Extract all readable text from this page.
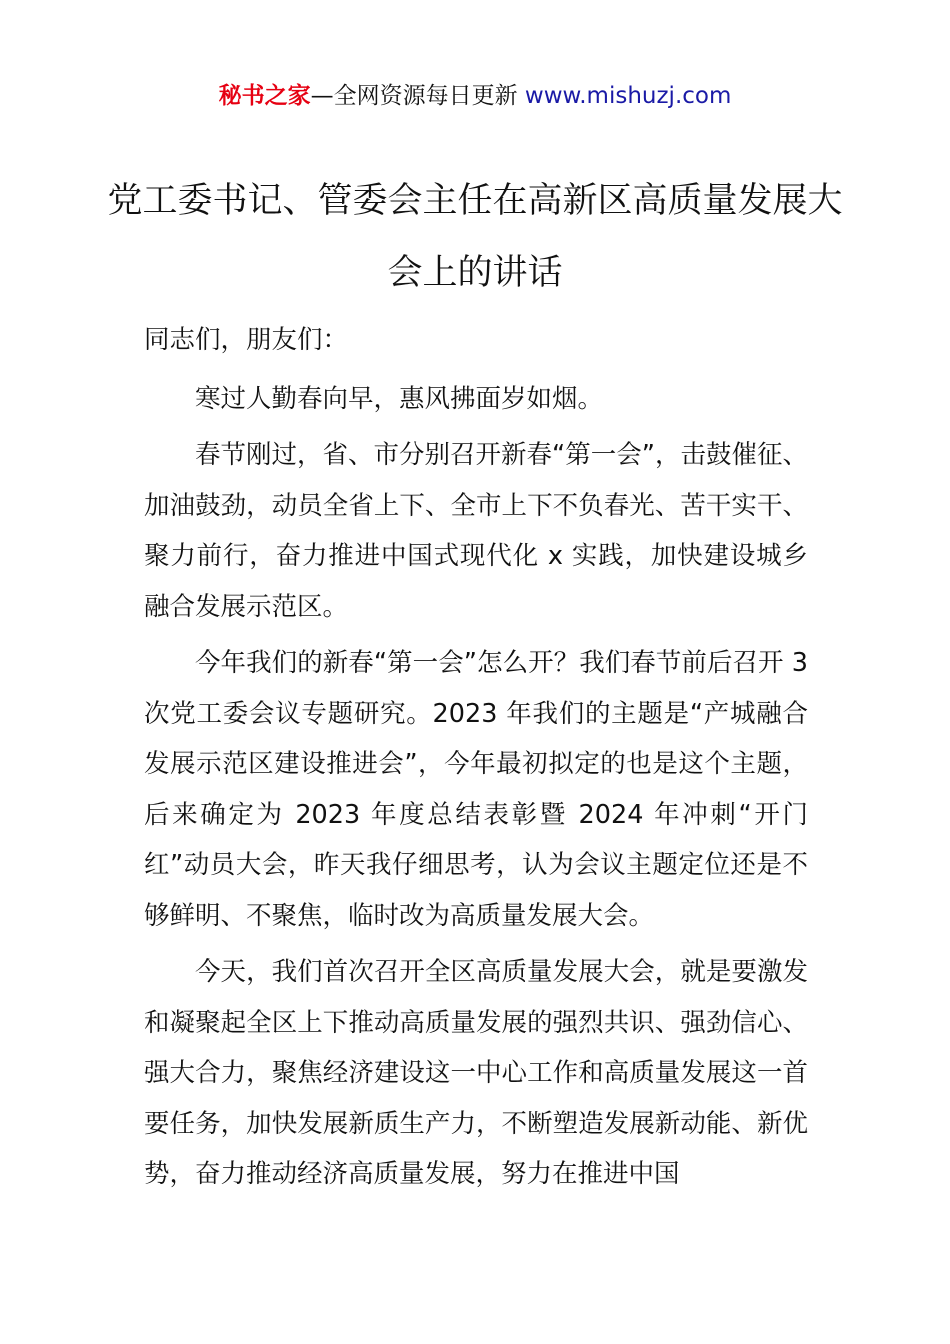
秘书之家—全网资源每日更新 www.mishuzj.com
党工委书记、管委会主任在高新区高质量发展大会上的讲话

同志们，朋友们：

寒过人勤春向早，惠风拂面岁如烟。

春节刚过，省、市分别召开新春“第一会”，击鼓催征、加油鼓劲，动员全省上下、全市上下不负春光、苦干实干、聚力前行，奋力推进中国式现代化 x 实践，加快建设城乡融合发展示范区。

今年我们的新春“第一会”怎么开？我们春节前后召开 3 次党工委会议专题研究。2023 年我们的主题是“产城融合发展示范区建设推进会”，今年最初拟定的也是这个主题，后来确定为 2023 年度总结表彰暨 2024 年冲刺“开门红”动员大会，昨天我仔细思考，认为会议主题定位还是不够鲜明、不聚焦，临时改为高质量发展大会。

今天，我们首次召开全区高质量发展大会，就是要激发和凝聚起全区上下推动高质量发展的强烈共识、强劲信心、强大合力，聚焦经济建设这一中心工作和高质量发展这一首要任务，加快发展新质生产力，不断塑造发展新动能、新优势，奋力推动经济高质量发展，努力在推进中国
